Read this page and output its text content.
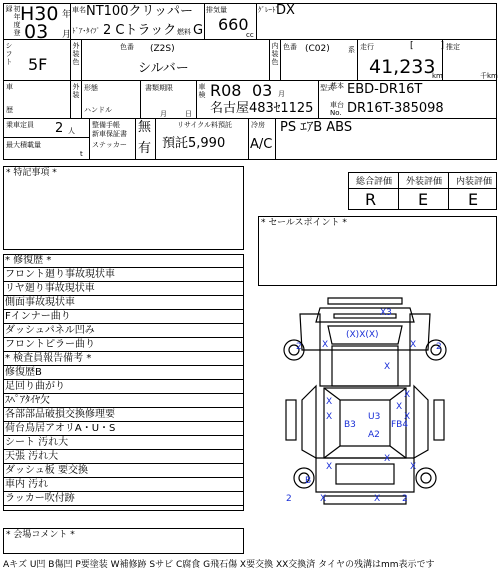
初年度登録 H30 年
03 月
車名 NT100クリッパー
ﾄﾞｱ･ﾀｲﾌﾟ 2 Cトラック 燃料 G
排気量
660
cc
ｸﾞﾚｰﾄﾞ
DX
シフト 5F	外装色	色番 (Z2S)
シルバー
内装色 色番 (C02)	系 走行	[　　　]
41,233
km
推定
千km
車
歴
外装 形態
ハンドル
書類期限
月	日
車検 R08 03 月
名古屋483ｾ1125
型式
基本 EBD-DR16T
車台No. DR16T-385098
乗車定員 2 人
最大積載量
t
整備手帳
新車保証書
ステッカー
無
有
リサイクル料預託
預託5,990
冷房
A/C
PS ｴｱB ABS
* 特記事項 *
総合評価 外装評価 内装評価
R	E E
* セールスポイント *
* 修復歴 *
フロント廻り事故現状車
リヤ廻り事故現状車
側面事故現状車
Fインナー曲り
ダッシュパネル凹み
フロントピラー曲り
* 検査員報告備考 *
修復歴B
足回り曲がり
ｽﾍﾟｱﾀｲﾔ欠
各部部品破損交換修理要
荷台鳥居アオリA・U・S
シート 汚れ大
天張 汚れ大
ダッシュ板 要交換
車内 汚れ
ラッカー吹付跡
* 会場コメント *
Aキズ U凹 B傷凹 P要塗装 W補修跡 Sサビ C腐食 G飛石傷 X要交換 XX交換済 タイヤの残溝はmm表示です
X3
(X)X(X)
2 X	2
X
X
X
X	U3
B3	FB4
A2
X
X
X
X
B
X
X
2	2
X
X
